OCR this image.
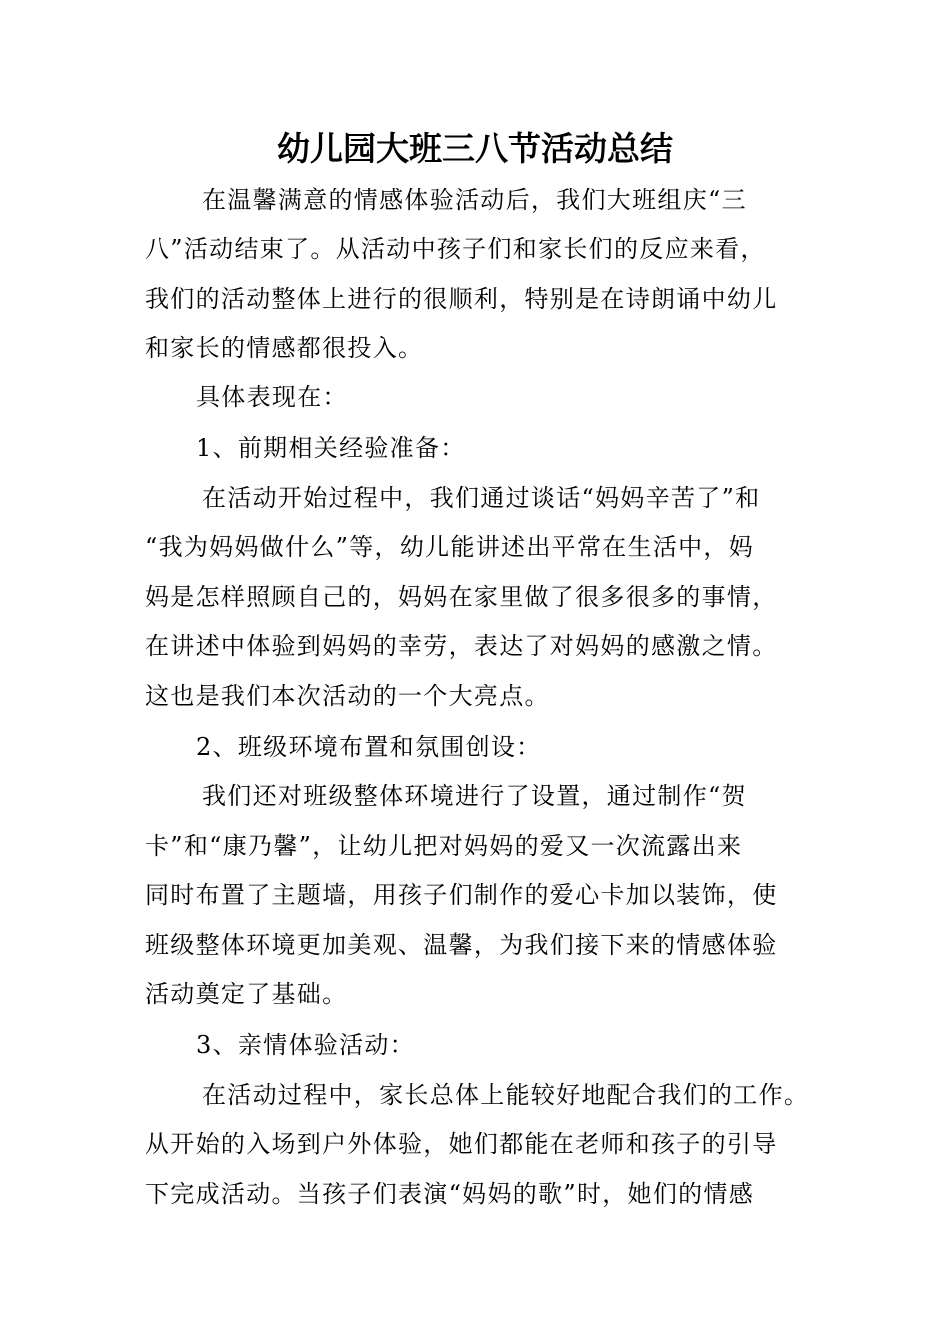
幼儿园大班三八节活动总结
在温馨满意的情感体验活动后，我们大班组庆“三
八”活动结束了。从活动中孩子们和家长们的反应来看，
我们的活动整体上进行的很顺利，特别是在诗朗诵中幼儿
和家长的情感都很投入。
具体表现在：
1、前期相关经验准备：
在活动开始过程中，我们通过谈话“妈妈辛苦了”和
“我为妈妈做什么”等，幼儿能讲述出平常在生活中，妈
妈是怎样照顾自己的，妈妈在家里做了很多很多的事情，
在讲述中体验到妈妈的幸劳，表达了对妈妈的感激之情。
这也是我们本次活动的一个大亮点。
2、班级环境布置和氛围创设：
我们还对班级整体环境进行了设置，通过制作“贺
卡”和“康乃馨”，让幼儿把对妈妈的爱又一次流露出来
同时布置了主题墙，用孩子们制作的爱心卡加以装饰，使
班级整体环境更加美观、温馨，为我们接下来的情感体验
活动奠定了基础。
3、亲情体验活动：
在活动过程中，家长总体上能较好地配合我们的工作。
从开始的入场到户外体验，她们都能在老师和孩子的引导
下完成活动。当孩子们表演“妈妈的歌”时，她们的情感
